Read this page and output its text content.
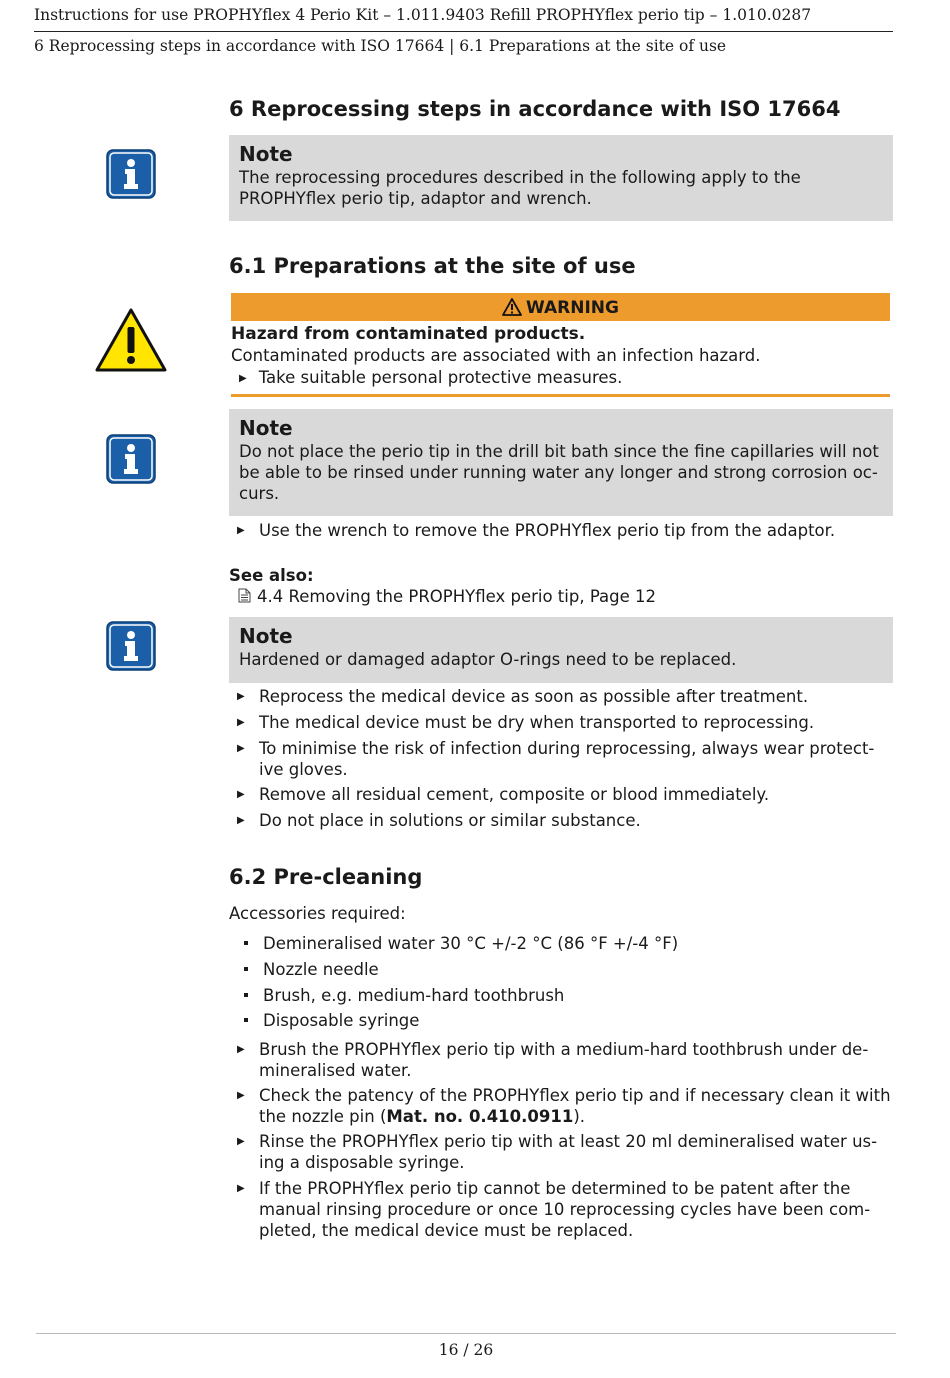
Instructions for use PROPHYflex 4 Perio Kit – 1.011.9403 Refill PROPHYflex perio tip – 1.010.0287
6 Reprocessing steps in accordance with ISO 17664 | 6.1 Preparations at the site of use
6 Reprocessing steps in accordance with ISO 17664
Note
The reprocessing procedures described in the following apply to the PROPHYflex perio tip, adaptor and wrench.
6.1 Preparations at the site of use
WARNING
Hazard from contaminated products.
Contaminated products are associated with an infection hazard.
▶ Take suitable personal protective measures.
Note
Do not place the perio tip in the drill bit bath since the fine capillaries will not be able to be rinsed under running water any longer and strong corrosion oc-curs.
▶ Use the wrench to remove the PROPHYflex perio tip from the adaptor.
See also:
4.4 Removing the PROPHYflex perio tip, Page 12
Note
Hardened or damaged adaptor O-rings need to be replaced.
▶ Reprocess the medical device as soon as possible after treatment.
▶ The medical device must be dry when transported to reprocessing.
▶ To minimise the risk of infection during reprocessing, always wear protect-ive gloves.
▶ Remove all residual cement, composite or blood immediately.
▶ Do not place in solutions or similar substance.
6.2 Pre-cleaning
Accessories required:
Demineralised water 30 °C +/-2 °C (86 °F +/-4 °F)
Nozzle needle
Brush, e.g. medium-hard toothbrush
Disposable syringe
▶ Brush the PROPHYflex perio tip with a medium-hard toothbrush under de-mineralised water.
▶ Check the patency of the PROPHYflex perio tip and if necessary clean it with the nozzle pin (Mat. no. 0.410.0911).
▶ Rinse the PROPHYflex perio tip with at least 20 ml demineralised water us-ing a disposable syringe.
▶ If the PROPHYflex perio tip cannot be determined to be patent after the manual rinsing procedure or once 10 reprocessing cycles have been com-pleted, the medical device must be replaced.
16 / 26
